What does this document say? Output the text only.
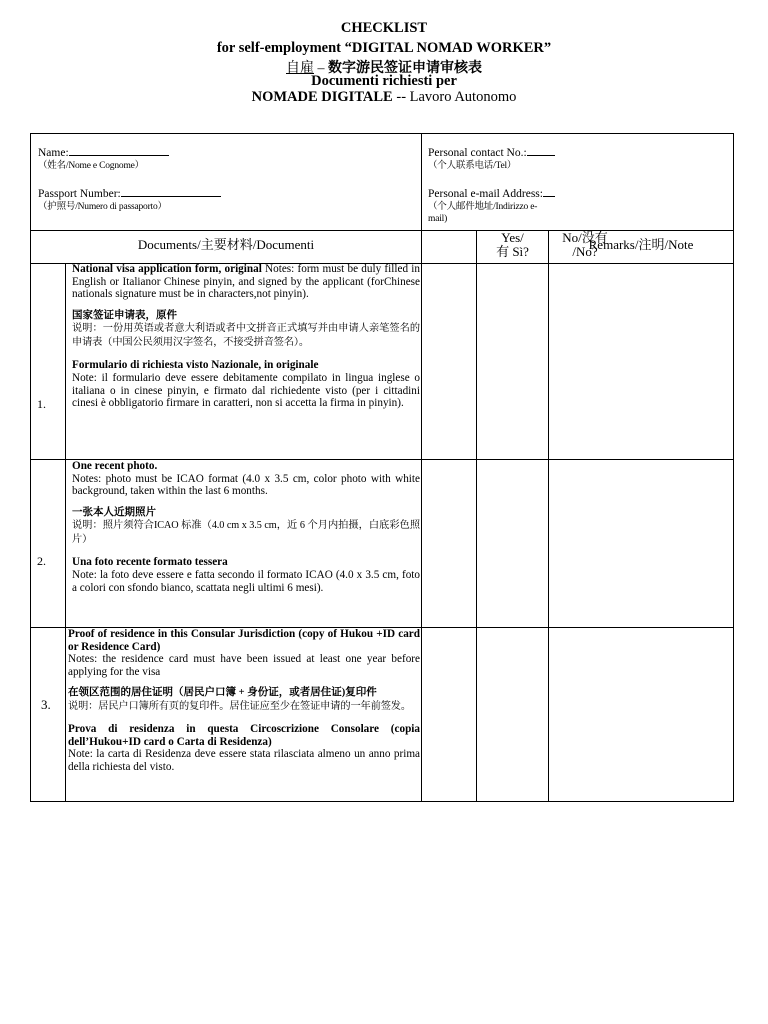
CHECKLIST
for self-employment “DIGITAL NOMAD WORKER”
自雇 – 数字游民签证申请审核表
Documenti richiesti per
NOMADE DIGITALE -- Lavoro Autonomo
Name:
（姓名/Nome e Cognome）
Passport Number:
（护照号/Numero di passaporto）
Personal contact No.:
（个人联系电话/Tel）
Personal e-mail Address:
（个人邮件地址/Indirizzo e-
mail)
Documents/主要材料/Documenti	Yes/
有 Sì?
No/没有
/No?
Remarks/注明/Note
1.
National visa application form, original Notes: form must be duly filled in English or Italianor Chinese pinyin, and signed by the applicant (forChinese nationals signature must be in characters,not pinyin).
国家签证申请表，原件
说明：一份用英语或者意大利语或者中文拼音正式填写并由申请人亲笔签名的申请表（中国公民须用汉字签名，不接受拼音签名）。
Formulario di richiesta visto Nazionale, in originale
Note: il formulario deve essere debitamente compilato in lingua inglese o italiana o in cinese pinyin, e firmato dal richiedente visto (per i cittadini cinesi è obbligatorio firmare in caratteri, non si accetta la firma in pinyin).
2.
One recent photo.
Notes: photo must be ICAO format (4.0 x 3.5 cm, color photo with white background, taken within the last 6 months.
一张本人近期照片
说明：照片须符合ICAO 标准（4.0 cm x 3.5 cm，近 6 个月内拍摄，白底彩色照片）
Una foto recente formato tessera
Note: la foto deve essere e fatta secondo il formato ICAO (4.0 x 3.5 cm, foto a colori con sfondo bianco, scattata negli ultimi 6 mesi).
3.
Proof of residence in this Consular Jurisdiction (copy of Hukou +ID card or Residence Card)
Notes: the residence card must have been issued at least one year before applying for the visa
在领区范围的居住证明（居民户口簿 + 身份证，或者居住证)复印件
说明：居民户口簿所有页的复印件。居住证应至少在签证申请的一年前签发。
Prova di residenza in questa Circoscrizione Consolare (copia dell’Hukou+ID card o Carta di Residenza)
Note: la carta di Residenza deve essere stata rilasciata almeno un anno prima della richiesta del visto.
